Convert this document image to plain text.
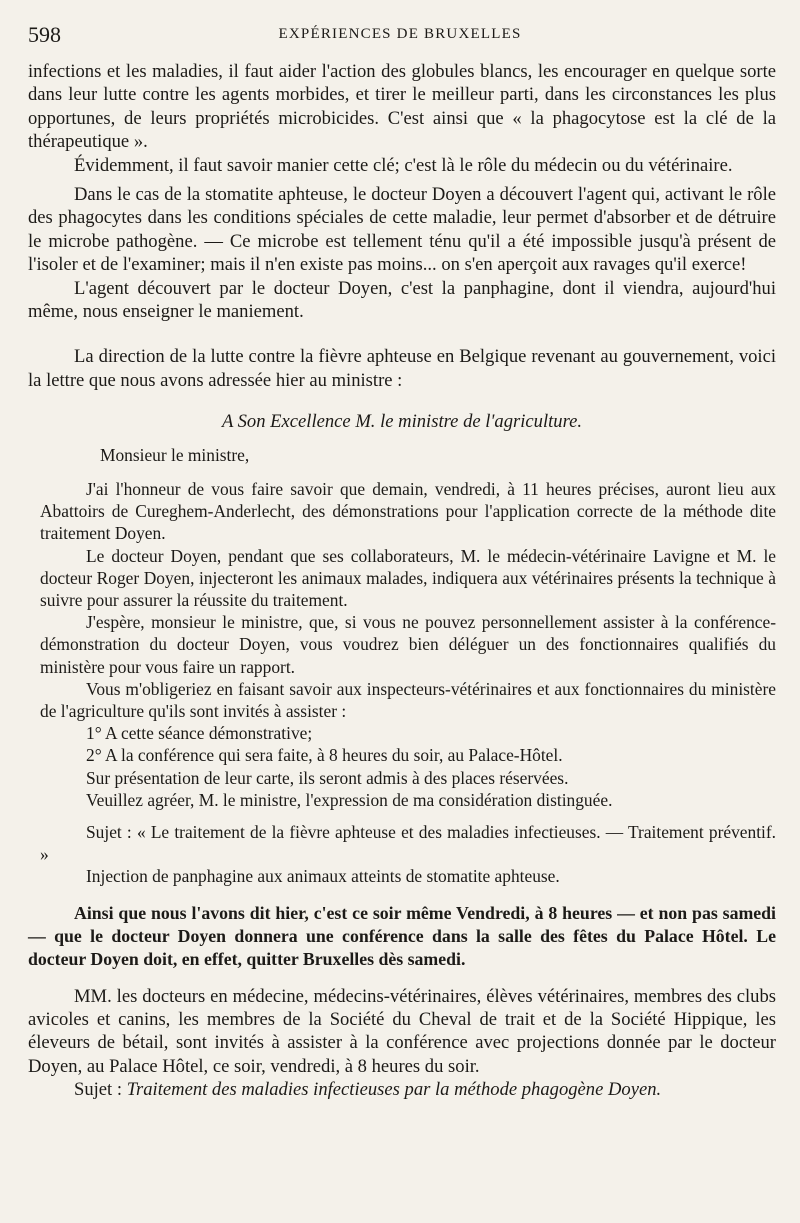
598	EXPÉRIENCES DE BRUXELLES

infections et les maladies, il faut aider l'action des globules blancs, les encourager en quelque sorte dans leur lutte contre les agents morbides, et tirer le meilleur parti, dans les circonstances les plus opportunes, de leurs propriétés microbicides. C'est ainsi que « la phagocytose est la clé de la thérapeutique ».

Évidemment, il faut savoir manier cette clé; c'est là le rôle du médecin ou du vétérinaire.

Dans le cas de la stomatite aphteuse, le docteur Doyen a découvert l'agent qui, activant le rôle des phagocytes dans les conditions spéciales de cette maladie, leur permet d'absorber et de détruire le microbe pathogène. — Ce microbe est tellement ténu qu'il a été impossible jusqu'à présent de l'isoler et de l'examiner; mais il n'en existe pas moins... on s'en aperçoit aux ravages qu'il exerce!

L'agent découvert par le docteur Doyen, c'est la panphagine, dont il viendra, aujourd'hui même, nous enseigner le maniement.

La direction de la lutte contre la fièvre aphteuse en Belgique revenant au gouvernement, voici la lettre que nous avons adressée hier au ministre :

A Son Excellence M. le ministre de l'agriculture.

Monsieur le ministre,

J'ai l'honneur de vous faire savoir que demain, vendredi, à 11 heures précises, auront lieu aux Abattoirs de Cureghem-Anderlecht, des démonstrations pour l'application correcte de la méthode dite traitement Doyen.

Le docteur Doyen, pendant que ses collaborateurs, M. le médecin-vétérinaire Lavigne et M. le docteur Roger Doyen, injecteront les animaux malades, indiquera aux vétérinaires présents la technique à suivre pour assurer la réussite du traitement.

J'espère, monsieur le ministre, que, si vous ne pouvez personnellement assister à la conférence-démonstration du docteur Doyen, vous voudrez bien déléguer un des fonctionnaires qualifiés du ministère pour vous faire un rapport.

Vous m'obligeriez en faisant savoir aux inspecteurs-vétérinaires et aux fonctionnaires du ministère de l'agriculture qu'ils sont invités à assister :

1° A cette séance démonstrative;

2° A la conférence qui sera faite, à 8 heures du soir, au Palace-Hôtel.

Sur présentation de leur carte, ils seront admis à des places réservées.

Veuillez agréer, M. le ministre, l'expression de ma considération distinguée.

Sujet : « Le traitement de la fièvre aphteuse et des maladies infectieuses. — Traitement préventif. »

Injection de panphagine aux animaux atteints de stomatite aphteuse.

Ainsi que nous l'avons dit hier, c'est ce soir même Vendredi, à 8 heures — et non pas samedi — que le docteur Doyen donnera une conférence dans la salle des fêtes du Palace Hôtel. Le docteur Doyen doit, en effet, quitter Bruxelles dès samedi.

MM. les docteurs en médecine, médecins-vétérinaires, élèves vétérinaires, membres des clubs avicoles et canins, les membres de la Société du Cheval de trait et de la Société Hippique, les éleveurs de bétail, sont invités à assister à la conférence avec projections donnée par le docteur Doyen, au Palace Hôtel, ce soir, vendredi, à 8 heures du soir.

Sujet : Traitement des maladies infectieuses par la méthode phagogène Doyen.
